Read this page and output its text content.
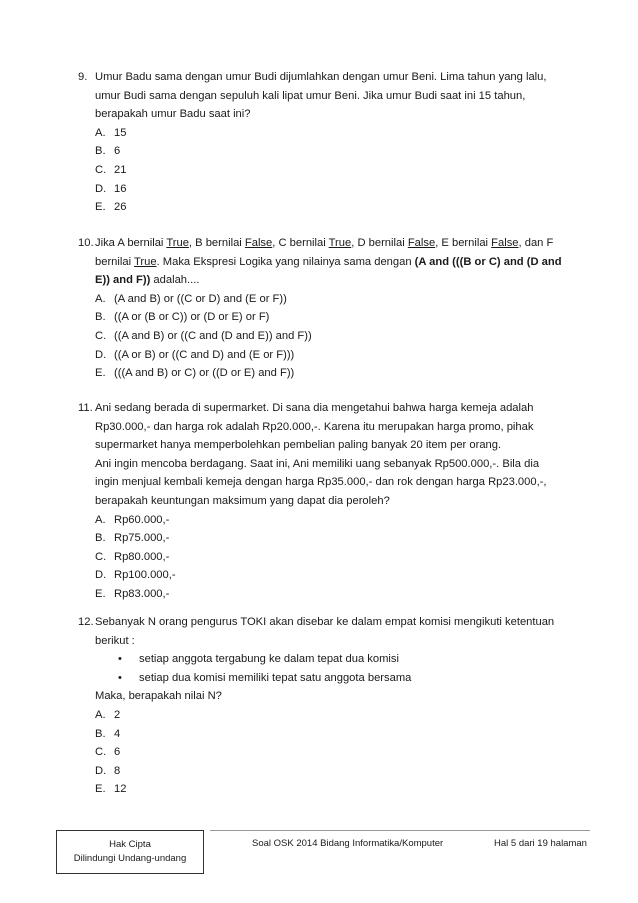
9. Umur Badu sama dengan umur Budi dijumlahkan dengan umur Beni. Lima tahun yang lalu,
umur Budi sama dengan sepuluh kali lipat umur Beni. Jika umur Budi saat ini 15 tahun,
berapakah umur Badu saat ini?
A. 15
B. 6
C. 21
D. 16
E. 26
10. Jika A bernilai True, B bernilai False, C bernilai True, D bernilai False, E bernilai False, dan F
bernilai True. Maka Ekspresi Logika yang nilainya sama dengan (A and (((B or C) and (D and
E)) and F)) adalah....
A. (A and B) or ((C or D) and (E or F))
B. ((A or (B or C)) or (D or E) or F)
C. ((A and B) or ((C and (D and E)) and F))
D. ((A or B) or ((C and D) and (E or F)))
E. (((A and B) or C) or ((D or E) and F))
11. Ani sedang berada di supermarket. Di sana dia mengetahui bahwa harga kemeja adalah
Rp30.000,- dan harga rok adalah Rp20.000,-. Karena itu merupakan harga promo, pihak
supermarket hanya memperbolehkan pembelian paling banyak 20 item per orang.
Ani ingin mencoba berdagang. Saat ini, Ani memiliki uang sebanyak Rp500.000,-. Bila dia
ingin menjual kembali kemeja dengan harga Rp35.000,- dan rok dengan harga Rp23.000,-,
berapakah keuntungan maksimum yang dapat dia peroleh?
A. Rp60.000,-
B. Rp75.000,-
C. Rp80.000,-
D. Rp100.000,-
E. Rp83.000,-
12. Sebanyak N orang pengurus TOKI akan disebar ke dalam empat komisi mengikuti ketentuan
berikut :
• setiap anggota tergabung ke dalam tepat dua komisi
• setiap dua komisi memiliki tepat satu anggota bersama
Maka, berapakah nilai N?
A. 2
B. 4
C. 6
D. 8
E. 12
Hak Cipta
Dilindungi Undang-undang
Soal OSK 2014 Bidang Informatika/Komputer	Hal 5 dari 19 halaman
